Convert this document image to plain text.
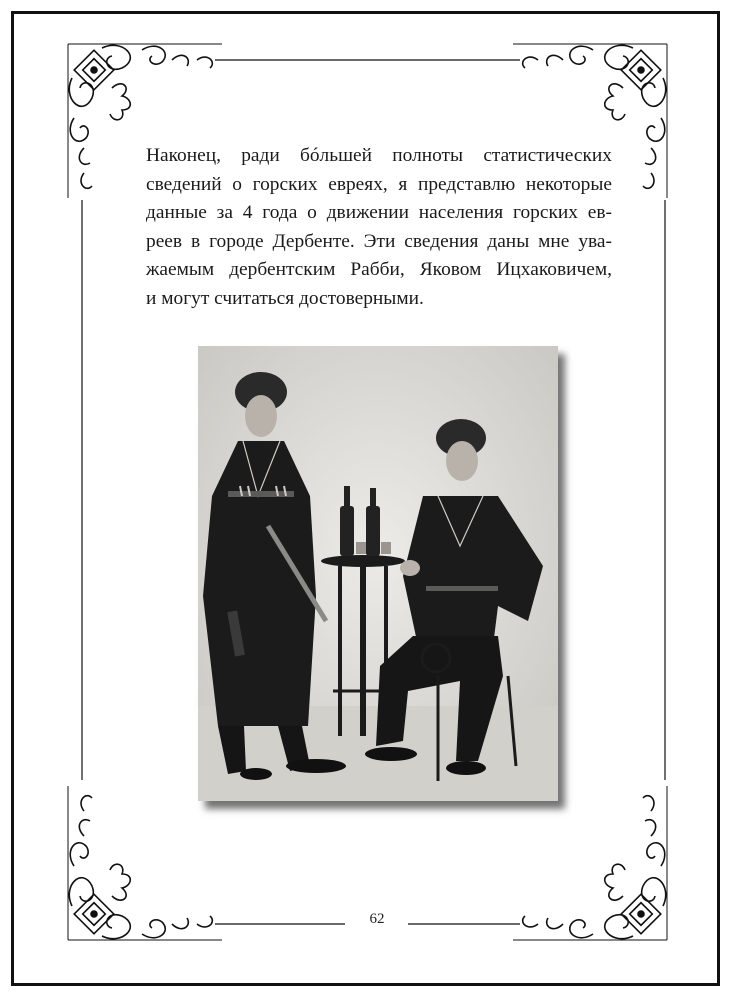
Наконец, ради бóльшей полноты статистических
сведений о горских евреях, я представлю некоторые
данные за 4 года о движении населения горских ев-
реев в городе Дербенте. Эти сведения даны мне ува-
жаемым дербентским Рабби, Яковом Ицхаковичем,
и могут считаться достоверными.
62
